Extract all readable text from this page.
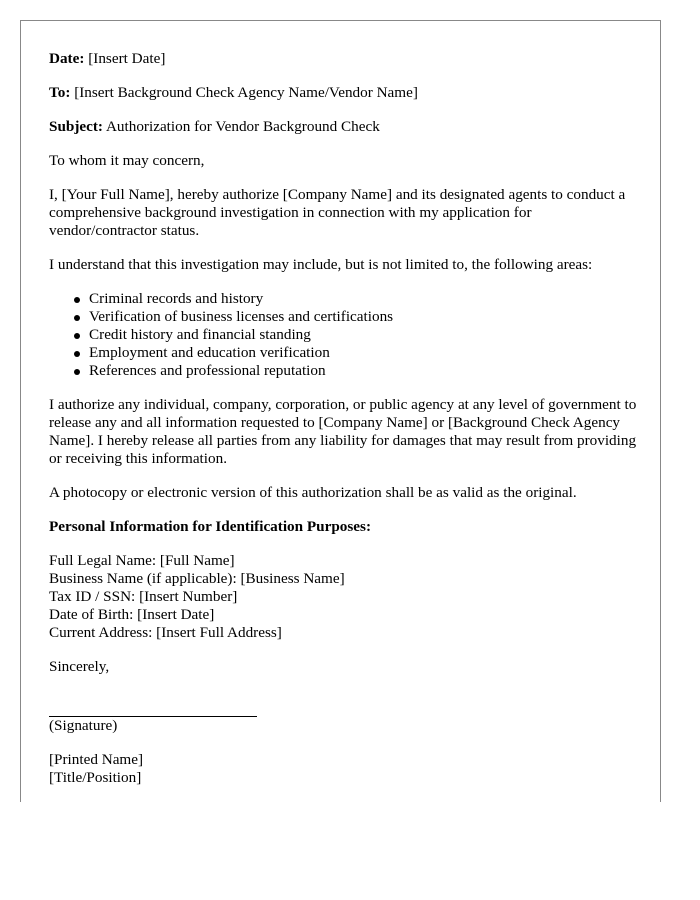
Date: [Insert Date]

To: [Insert Background Check Agency Name/Vendor Name]

Subject: Authorization for Vendor Background Check

To whom it may concern,

I, [Your Full Name], hereby authorize [Company Name] and its designated agents to conduct a comprehensive background investigation in connection with my application for vendor/contractor status.

I understand that this investigation may include, but is not limited to, the following areas:

Criminal records and history
Verification of business licenses and certifications
Credit history and financial standing
Employment and education verification
References and professional reputation

I authorize any individual, company, corporation, or public agency at any level of government to release any and all information requested to [Company Name] or [Background Check Agency Name]. I hereby release all parties from any liability for damages that may result from providing or receiving this information.

A photocopy or electronic version of this authorization shall be as valid as the original.

Personal Information for Identification Purposes:

Full Legal Name: [Full Name]

Business Name (if applicable): [Business Name]

Tax ID / SSN: [Insert Number]

Date of Birth: [Insert Date]

Current Address: [Insert Full Address]

Sincerely,

(Signature)

[Printed Name]

[Title/Position]
